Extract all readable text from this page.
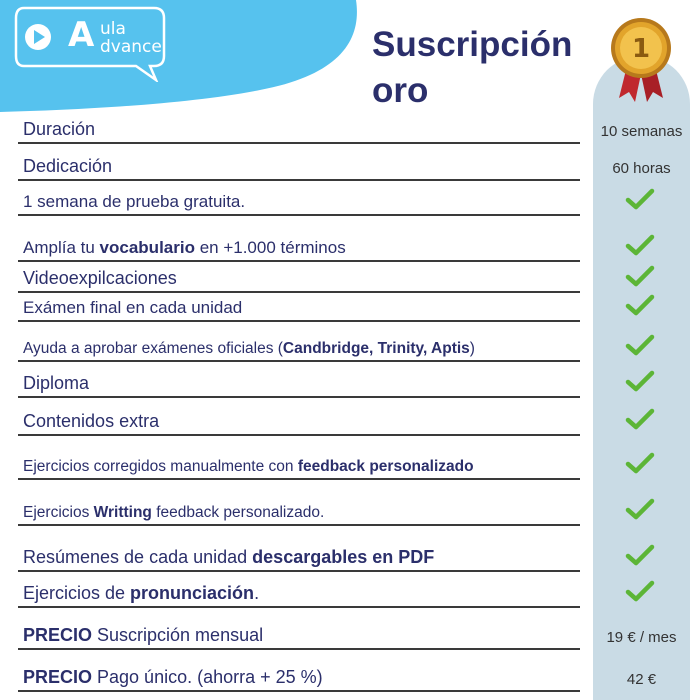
A ula
dvance	Suscripción
oro
1
Duración	10 semanas
Dedicación	60 horas
1 semana de prueba gratuita.
Amplía tu vocabulario en +1.000 términos
Videoexpilcaciones
Exámen final en cada unidad
Ayuda a aprobar exámenes oficiales (Candbridge, Trinity, Aptis)
Diploma
Contenidos extra
Ejercicios corregidos manualmente con feedback personalizado
Ejercicios Writting feedback personalizado.
Resúmenes de cada unidad descargables en PDF
Ejercicios de pronunciación.
PRECIO Suscripción mensual	19 € / mes
PRECIO Pago único. (ahorra + 25 %)	42 €
